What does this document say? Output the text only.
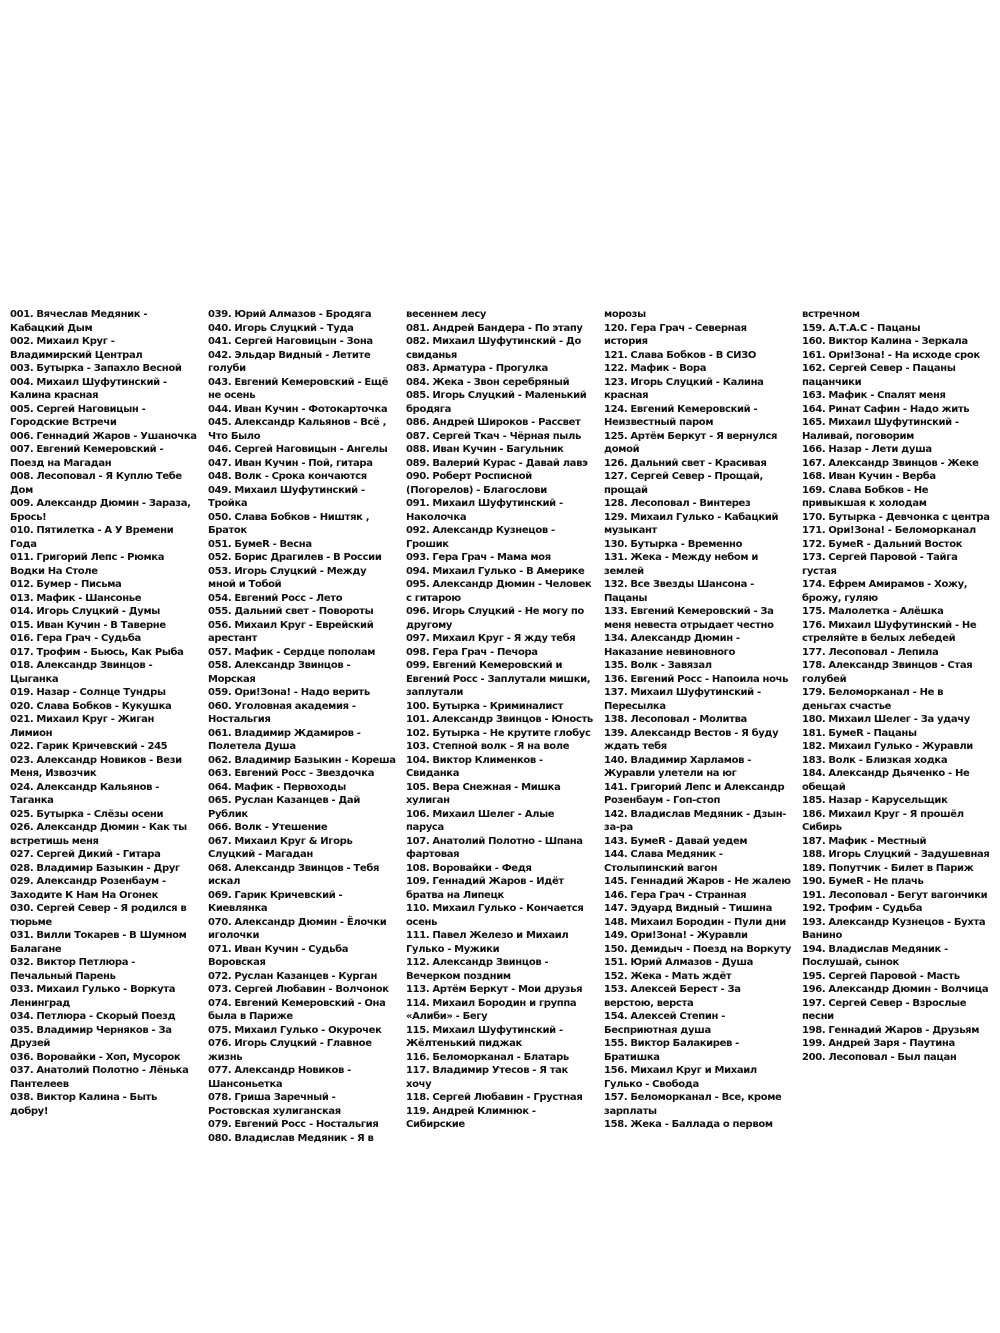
001. Вячеслав Медяник - Кабацкий Дым
002. Михаил Круг - Владимирский Централ
003. Бутырка - Запахло Весной
004. Михаил Шуфутинский - Калина красная
005. Сергей Наговицын - Городские Встречи
006. Геннадий Жаров - Ушаночка
007. Евгений Кемеровский - Поезд на Магадан
008. Лесоповал - Я Куплю Тебе Дом
009. Александр Дюмин - Зараза, Брось!
010. Пятилетка - А У Времени Года
011. Григорий Лепс - Рюмка Водки На Столе
012. Бумер - Письма
013. Мафик - Шансонье
014. Игорь Слуцкий - Думы
015. Иван Кучин - В Таверне
016. Гера Грач - Судьба
017. Трофим - Бьюсь, Как Рыба
018. Александр Звинцов - Цыганка
019. Назар - Солнце Тундры
020. Слава Бобков - Кукушка
021. Михаил Круг - Жиган Лимион
022. Гарик Кричевский - 245
023. Александр Новиков - Вези Меня, Извозчик
024. Александр Кальянов - Таганка
025. Бутырка - Слёзы осени
026. Александр Дюмин - Как ты встретишь меня
027. Сергей Дикий - Гитара
028. Владимир Базыкин - Друг
029. Александр Розенбаум - Заходите К Нам На Огонек
030. Сергей Север - Я родился в тюрьме
031. Вилли Токарев - В Шумном Балагане
032. Виктор Петлюра - Печальный Парень
033. Михаил Гулько - Воркута Ленинград
034. Петлюра - Скорый Поезд
035. Владимир Черняков - За Друзей
036. Воровайки - Хоп, Мусорок
037. Анатолий Полотно - Лёнька Пантелеев
038. Виктор Калина - Быть добру!
039. Юрий Алмазов - Бродяга
040. Игорь Слуцкий - Туда
041. Сергей Наговицын - Зона
042. Эльдар Видный - Летите голуби
043. Евгений Кемеровский - Ещё не осень
044. Иван Кучин - Фотокарточка
045. Александр Кальянов - Всё , Что Было
046. Сергей Наговицын - Ангелы
047. Иван Кучин - Пой, гитара
048. Волк - Срока кончаются
049. Михаил Шуфутинский - Тройка
050. Слава Бобков - Ништяк , Браток
051. БумеR - Весна
052. Борис Драгилев - В России
053. Игорь Слуцкий - Между мной и Тобой
054. Евгений Росс - Лето
055. Дальний свет - Повороты
056. Михаил Круг - Еврейский арестант
057. Мафик - Сердце пополам
058. Александр Звинцов - Морская
059. Ори!Зона! - Надо верить
060. Уголовная академия - Ностальгия
061. Владимир Ждамиров - Полетела Душа
062. Владимир Базыкин - Кореша
063. Евгений Росс - Звездочка
064. Мафик - Первоходы
065. Руслан Казанцев - Дай Рублик
066. Волк - Утешение
067. Михаил Круг & Игорь Слуцкий - Магадан
068. Александр Звинцов - Тебя искал
069. Гарик Кричевский - Киевлянка
070. Александр Дюмин - Ёлочки иголочки
071. Иван Кучин - Судьба Воровская
072. Руслан Казанцев - Курган
073. Сергей Любавин - Волчонок
074. Евгений Кемеровский - Она была в Париже
075. Михаил Гулько - Окурочек
076. Игорь Слуцкий - Главное жизнь
077. Александр Новиков - Шансоньетка
078. Гриша Заречный - Ростовская хулиганская
079. Евгений Росс - Ностальгия
080. Владислав Медяник - Я в
весеннем лесу
081. Андрей Бандера - По этапу
082. Михаил Шуфутинский - До свиданья
083. Арматура - Прогулка
084. Жека - Звон серебряный
085. Игорь Слуцкий - Маленький бродяга
086. Андрей Широков - Рассвет
087. Сергей Ткач - Чёрная пыль
088. Иван Кучин - Багульник
089. Валерий Курас - Давай лавэ
090. Роберт Росписной (Погорелов) - Благослови
091. Михаил Шуфутинский - Наколочка
092. Александр Кузнецов - Грошик
093. Гера Грач - Мама моя
094. Михаил Гулько - В Америке
095. Александр Дюмин - Человек с гитарою
096. Игорь Слуцкий - Не могу по другому
097. Михаил Круг - Я жду тебя
098. Гера Грач - Печора
099. Евгений Кемеровский и Евгений Росс - Заплутали мишки, заплутали
100. Бутырка - Криминалист
101. Александр Звинцов - Юность
102. Бутырка - Не крутите глобус
103. Степной волк - Я на воле
104. Виктор Клименков - Свиданка
105. Вера Снежная - Мишка хулиган
106. Михаил Шелег - Алые паруса
107. Анатолий Полотно - Шпана фартовая
108. Воровайки - Федя
109. Геннадий Жаров - Идёт братва на Липецк
110. Михаил Гулько - Кончается осень
111. Павел Железо и Михаил Гулько - Мужики
112. Александр Звинцов - Вечерком поздним
113. Артём Беркут - Мои друзья
114. Михаил Бородин и группа «Алиби» - Бегу
115. Михаил Шуфутинский - Жёлтенький пиджак
116. Беломорканал - Блатарь
117. Владимир Утесов - Я так хочу
118. Сергей Любавин - Грустная
119. Андрей Климнюк - Сибирские
морозы
120. Гера Грач - Северная история
121. Слава Бобков - В СИЗО
122. Мафик - Вора
123. Игорь Слуцкий - Калина красная
124. Евгений Кемеровский - Неизвестный паром
125. Артём Беркут - Я вернулся домой
126. Дальний свет - Красивая
127. Сергей Север - Прощай, прощай
128. Лесоповал - Винтерез
129. Михаил Гулько - Кабацкий музыкант
130. Бутырка - Временно
131. Жека - Между небом и землей
132. Все Звезды Шансона - Пацаны
133. Евгений Кемеровский - За меня невеста отрыдает честно
134. Александр Дюмин - Наказание невиновного
135. Волк - Завязал
136. Евгений Росс - Напоила ночь
137. Михаил Шуфутинский - Пересылка
138. Лесоповал - Молитва
139. Александр Вестов - Я буду ждать тебя
140. Владимир Харламов - Журавли улетели на юг
141. Григорий Лепс и Александр Розенбаум - Гоп-стоп
142. Владислав Медяник - Дзын-за-ра
143. БумеR - Давай уедем
144. Слава Медяник - Столыпинский вагон
145. Геннадий Жаров - Не жалею
146. Гера Грач - Странная
147. Эдуард Видный - Тишина
148. Михаил Бородин - Пули дни
149. Ори!Зона! - Журавли
150. Демидыч - Поезд на Воркуту
151. Юрий Алмазов - Душа
152. Жека - Мать ждёт
153. Алексей Берест - За верстою, верста
154. Алексей Степин - Бесприютная душа
155. Виктор Балакирев - Братишка
156. Михаил Круг и Михаил Гулько - Свобода
157. Беломорканал - Все, кроме зарплаты
158. Жека - Баллада о первом
встречном
159. А.Т.А.С - Пацаны
160. Виктор Калина - Зеркала
161. Ори!Зона! - На исходе срок
162. Сергей Север - Пацаны пацанчики
163. Мафик - Спалят меня
164. Ринат Сафин - Надо жить
165. Михаил Шуфутинский - Наливай, поговорим
166. Назар - Лети душа
167. Александр Звинцов - Жеке
168. Иван Кучин - Верба
169. Слава Бобков - Не привыкшая к холодам
170. Бутырка - Девчонка с центра
171. Ори!Зона! - Беломорканал
172. БумеR - Дальний Восток
173. Сергей Паровой - Тайга густая
174. Ефрем Амирамов - Хожу, брожу, гуляю
175. Малолетка - Алёшка
176. Михаил Шуфутинский - Не стреляйте в белых лебедей
177. Лесоповал - Лепила
178. Александр Звинцов - Стая голубей
179. Беломорканал - Не в деньгах счастье
180. Михаил Шелег - За удачу
181. БумеR - Пацаны
182. Михаил Гулько - Журавли
183. Волк - Близкая ходка
184. Александр Дьяченко - Не обещай
185. Назар - Карусельщик
186. Михаил Круг - Я прошёл Сибирь
187. Мафик - Местный
188. Игорь Слуцкий - Задушевная
189. Попутчик - Билет в Париж
190. БумеR - Не плачь
191. Лесоповал - Бегут вагончики
192. Трофим - Судьба
193. Александр Кузнецов - Бухта Ванино
194. Владислав Медяник - Послушай, сынок
195. Сергей Паровой - Масть
196. Александр Дюмин - Волчица
197. Сергей Север - Взрослые песни
198. Геннадий Жаров - Друзьям
199. Андрей Заря - Паутина
200. Лесоповал - Был пацан
